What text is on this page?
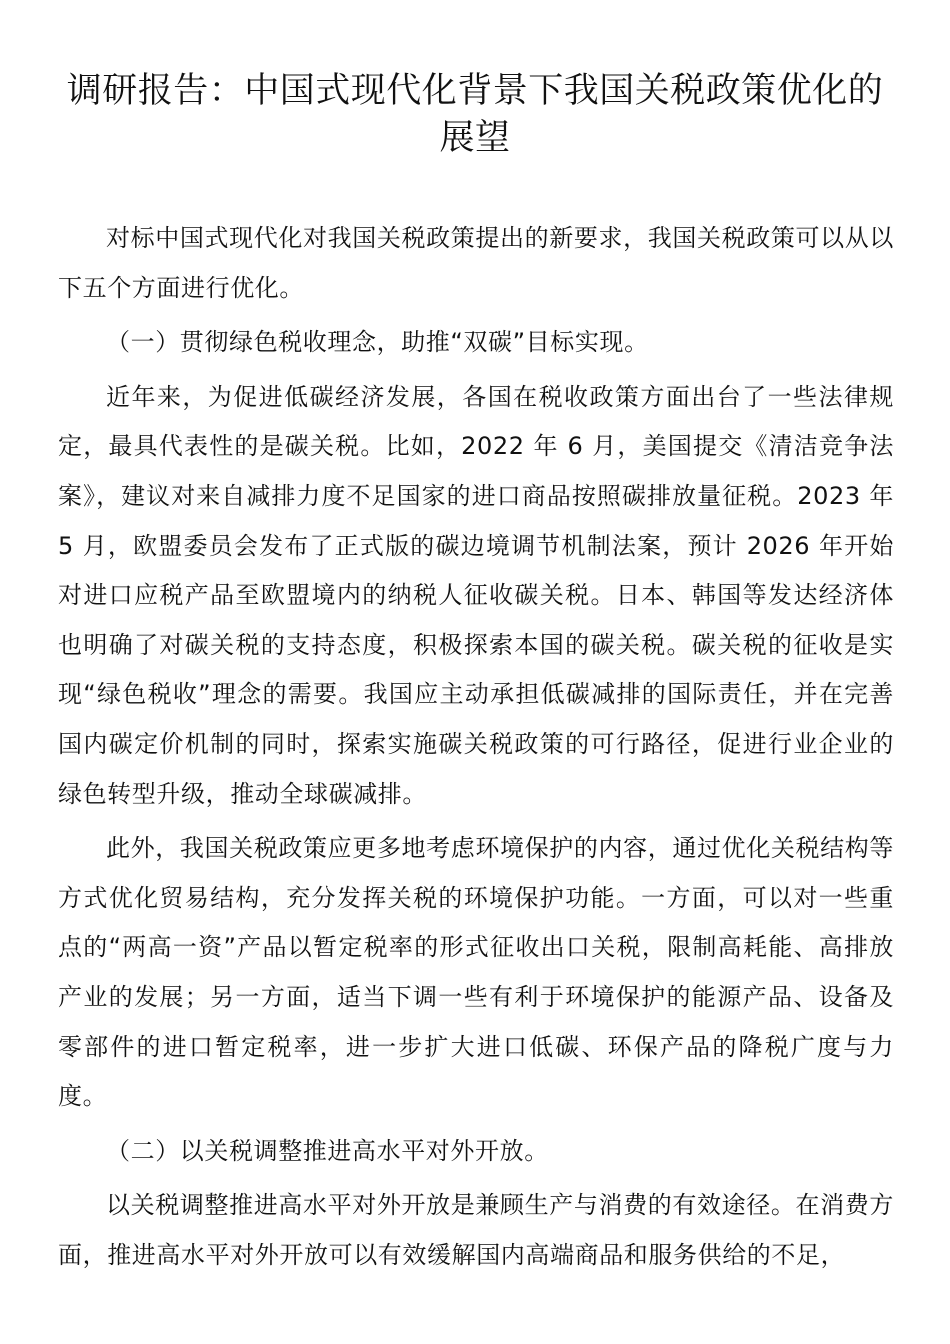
调研报告：中国式现代化背景下我国关税政策优化的展望

对标中国式现代化对我国关税政策提出的新要求，我国关税政策可以从以下五个方面进行优化。

（一）贯彻绿色税收理念，助推“双碳”目标实现。

近年来，为促进低碳经济发展，各国在税收政策方面出台了一些法律规定，最具代表性的是碳关税。比如，2022 年 6 月，美国提交《清洁竞争法案》，建议对来自减排力度不足国家的进口商品按照碳排放量征税。2023 年 5 月，欧盟委员会发布了正式版的碳边境调节机制法案，预计 2026 年开始对进口应税产品至欧盟境内的纳税人征收碳关税。日本、韩国等发达经济体也明确了对碳关税的支持态度，积极探索本国的碳关税。碳关税的征收是实现“绿色税收”理念的需要。我国应主动承担低碳减排的国际责任，并在完善国内碳定价机制的同时，探索实施碳关税政策的可行路径，促进行业企业的绿色转型升级，推动全球碳减排。

此外，我国关税政策应更多地考虑环境保护的内容，通过优化关税结构等方式优化贸易结构，充分发挥关税的环境保护功能。一方面，可以对一些重点的“两高一资”产品以暂定税率的形式征收出口关税，限制高耗能、高排放产业的发展；另一方面，适当下调一些有利于环境保护的能源产品、设备及零部件的进口暂定税率，进一步扩大进口低碳、环保产品的降税广度与力度。

（二）以关税调整推进高水平对外开放。

以关税调整推进高水平对外开放是兼顾生产与消费的有效途径。在消费方面，推进高水平对外开放可以有效缓解国内高端商品和服务供给的不足，
